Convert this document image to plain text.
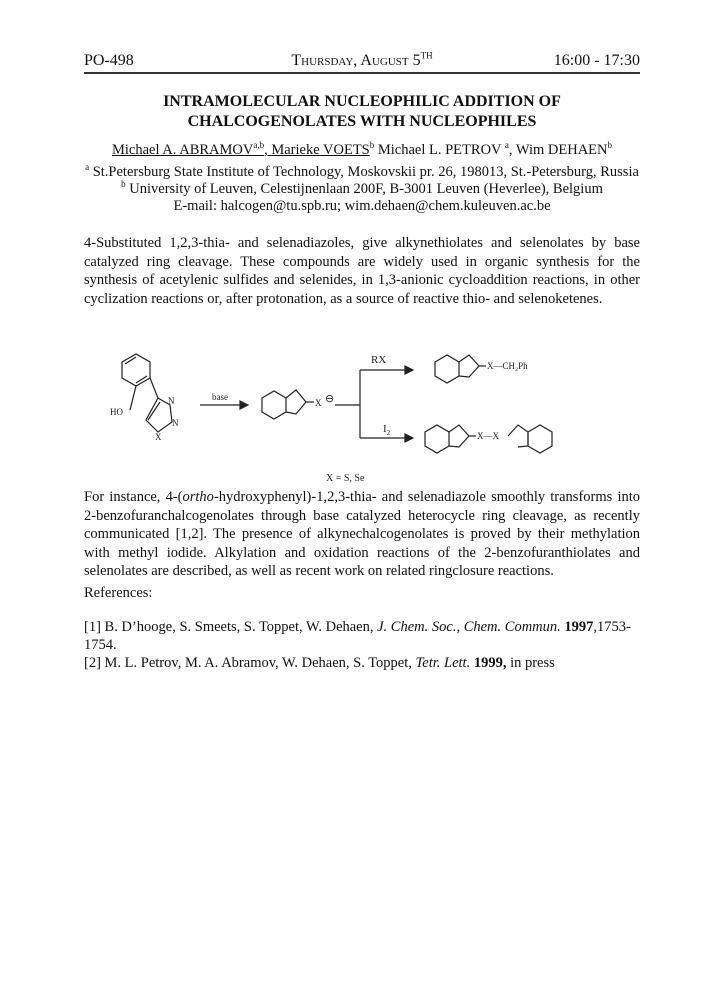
PO-498	Thursday, August 5TH	16:00 - 17:30
INTRAMOLECULAR NUCLEOPHILIC ADDITION OF
CHALCOGENOLATES WITH NUCLEOPHILES
Michael A. ABRAMOV$^{a,b}$, Marieke VOETS$^b$ Michael L. PETROV $^a$, Wim DEHAEN$^b$
$^a$ St.Petersburg State Institute of Technology, Moskovskii pr. 26, 198013, St.-Petersburg, Russia
$^b$ University of Leuven, Celestijnenlaan 200F, B-3001 Leuven (Heverlee), Belgium
E-mail: halcogen@tu.spb.ru; wim.dehaen@chem.kuleuven.ac.be
4-Substituted 1,2,3-thia- and selenadiazoles, give alkynethiolates and selenolates by base catalyzed ring cleavage. These compounds are widely used in organic synthesis for the synthesis of acetylenic sulfides and selenides, in 1,3-anionic cycloaddition reactions, in other cyclization reactions or, after protonation, as a source of reactive thio- and selenoketenes.
HO
N
N
X
base
X ⊖
RX
$I_2$
X—CH₂Ph
X—X
X = S, Se
For instance, 4-(ortho-hydroxyphenyl)-1,2,3-thia- and selenadiazole smoothly transforms into 2-benzofuranchalcogenolates through base catalyzed heterocycle ring cleavage, as recently communicated [1,2]. The presence of alkynechalcogenolates is proved by their methylation with methyl iodide. Alkylation and oxidation reactions of the 2-benzofuranthiolates and selenolates are described, as well as recent work on related ringclosure reactions.
References:
[1] B. D’hooge, S. Smeets, S. Toppet, W. Dehaen, J. Chem. Soc., Chem. Commun. 1997,1753-1754.
[2] M. L. Petrov, M. A. Abramov, W. Dehaen, S. Toppet, Tetr. Lett. 1999, in press
